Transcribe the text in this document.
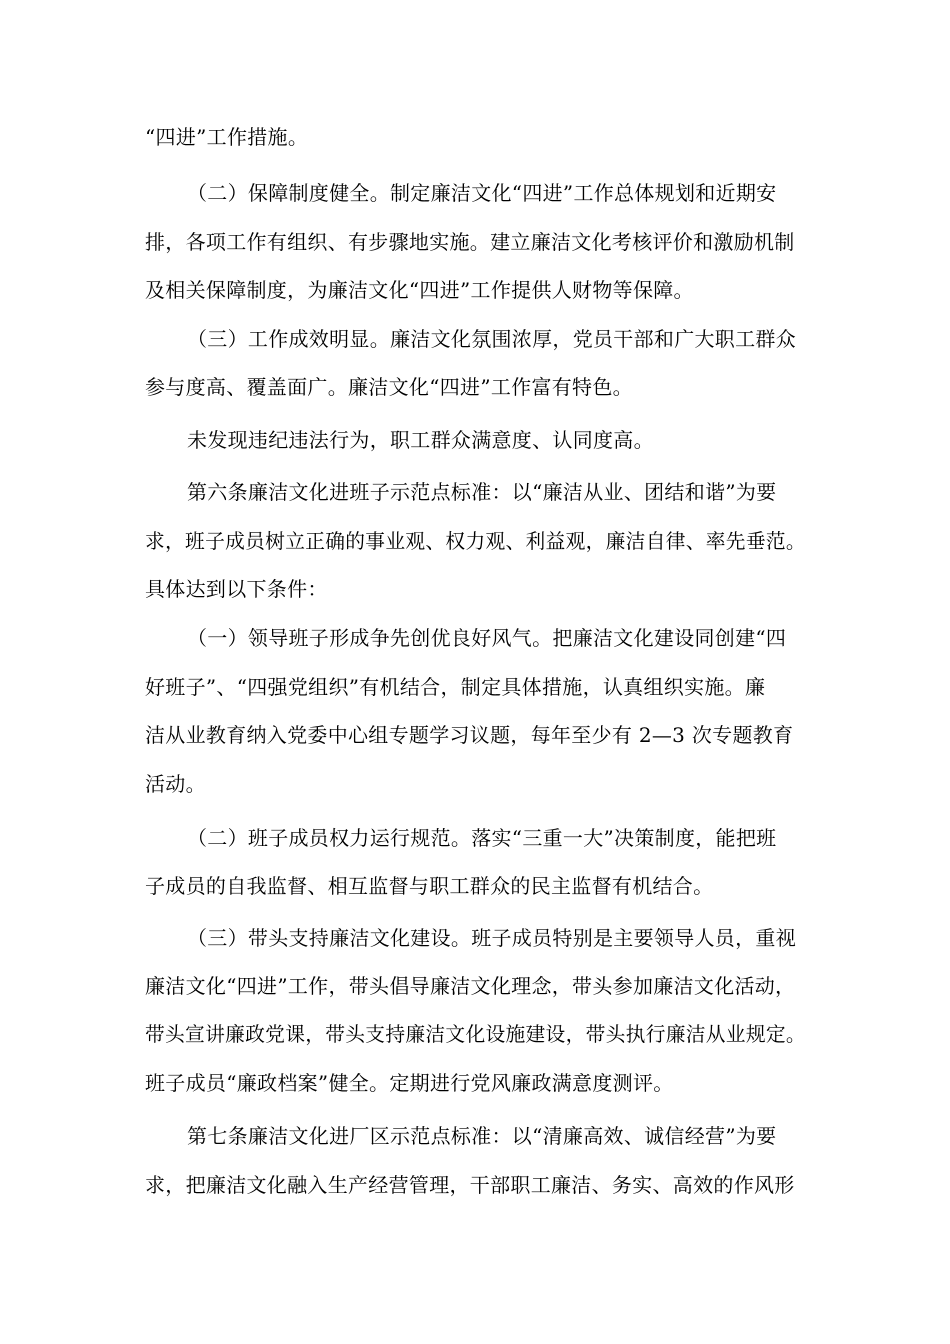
“四进”工作措施。
（二）保障制度健全。制定廉洁文化“四进”工作总体规划和近期安
排，各项工作有组织、有步骤地实施。建立廉洁文化考核评价和激励机制
及相关保障制度，为廉洁文化“四进”工作提供人财物等保障。
（三）工作成效明显。廉洁文化氛围浓厚，党员干部和广大职工群众
参与度高、覆盖面广。廉洁文化“四进”工作富有特色。
未发现违纪违法行为，职工群众满意度、认同度高。
第六条廉洁文化进班子示范点标准：以“廉洁从业、团结和谐”为要
求，班子成员树立正确的事业观、权力观、利益观，廉洁自律、率先垂范。
具体达到以下条件：
（一）领导班子形成争先创优良好风气。把廉洁文化建设同创建“四
好班子”、“四强党组织”有机结合，制定具体措施，认真组织实施。廉
洁从业教育纳入党委中心组专题学习议题，每年至少有 2—3 次专题教育
活动。
（二）班子成员权力运行规范。落实“三重一大”决策制度，能把班
子成员的自我监督、相互监督与职工群众的民主监督有机结合。
（三）带头支持廉洁文化建设。班子成员特别是主要领导人员，重视
廉洁文化“四进”工作，带头倡导廉洁文化理念，带头参加廉洁文化活动，
带头宣讲廉政党课，带头支持廉洁文化设施建设，带头执行廉洁从业规定。
班子成员“廉政档案”健全。定期进行党风廉政满意度测评。
第七条廉洁文化进厂区示范点标准：以“清廉高效、诚信经营”为要
求，把廉洁文化融入生产经营管理，干部职工廉洁、务实、高效的作风形
